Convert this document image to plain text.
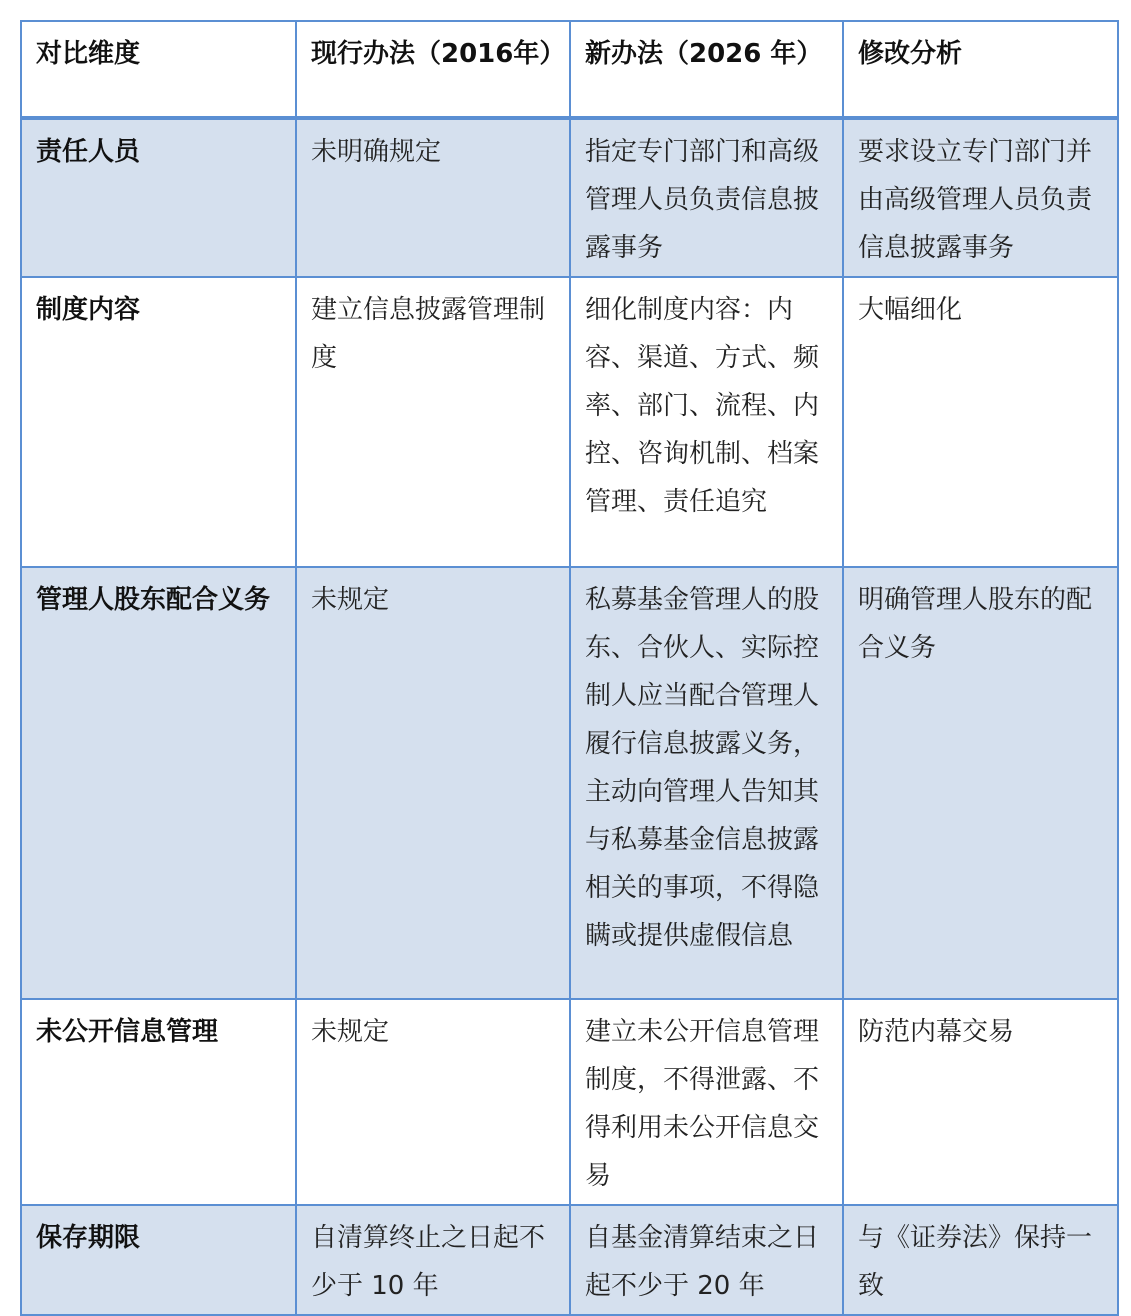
对比维度	现行办法（2016年）	新办法（2026 年）	修改分析
责任人员	未明确规定	指定专门部门和高级管理人员负责信息披露事务	要求设立专门部门并由高级管理人员负责信息披露事务
制度内容	建立信息披露管理制度	细化制度内容：内容、渠道、方式、频率、部门、流程、内控、咨询机制、档案管理、责任追究	大幅细化
管理人股东配合义务	未规定	私募基金管理人的股东、合伙人、实际控制人应当配合管理人履行信息披露义务，主动向管理人告知其与私募基金信息披露相关的事项，不得隐瞒或提供虚假信息	明确管理人股东的配合义务
未公开信息管理	未规定	建立未公开信息管理制度，不得泄露、不得利用未公开信息交易	防范内幕交易
保存期限	自清算终止之日起不少于 10 年	自基金清算结束之日起不少于 20 年	与《证券法》保持一致
